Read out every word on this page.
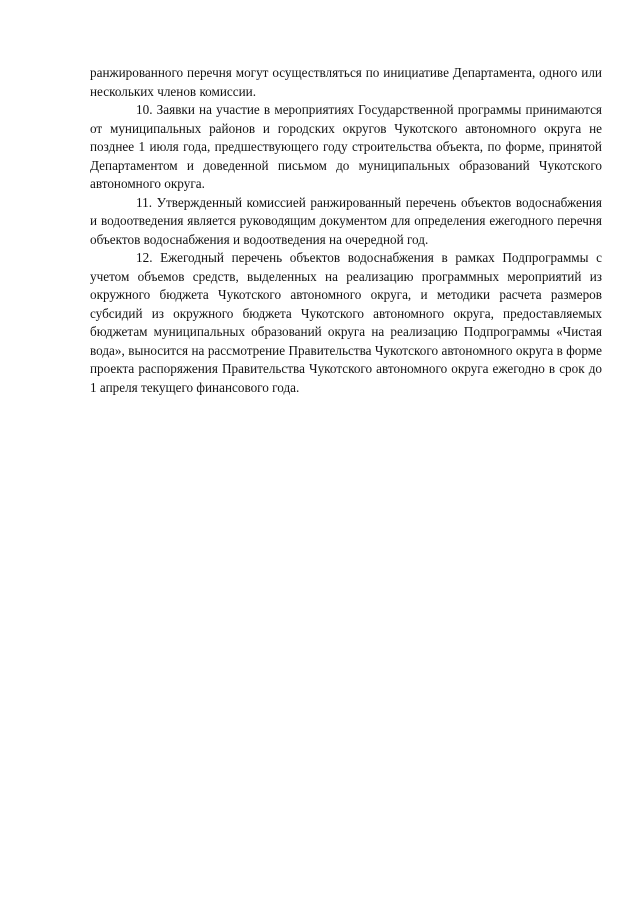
ранжированного перечня могут осуществляться по инициативе Департамента, одного или нескольких членов комиссии.

10. Заявки на участие в мероприятиях Государственной программы принимаются от муниципальных районов и городских округов Чукотского автономного округа не позднее 1 июля года, предшествующего году строительства объекта, по форме, принятой Департаментом и доведенной письмом до муниципальных образований Чукотского автономного округа.

11. Утвержденный комиссией ранжированный перечень объектов водоснабжения и водоотведения является руководящим документом для определения ежегодного перечня объектов водоснабжения и водоотведения на очередной год.

12. Ежегодный перечень объектов водоснабжения в рамках Подпрограммы с учетом объемов средств, выделенных на реализацию программных мероприятий из окружного бюджета Чукотского автономного округа, и методики расчета размеров субсидий из окружного бюджета Чукотского автономного округа, предоставляемых бюджетам муниципальных образований округа на реализацию Подпрограммы «Чистая вода», выносится на рассмотрение Правительства Чукотского автономного округа в форме проекта распоряжения Правительства Чукотского автономного округа ежегодно в срок до 1 апреля текущего финансового года.
